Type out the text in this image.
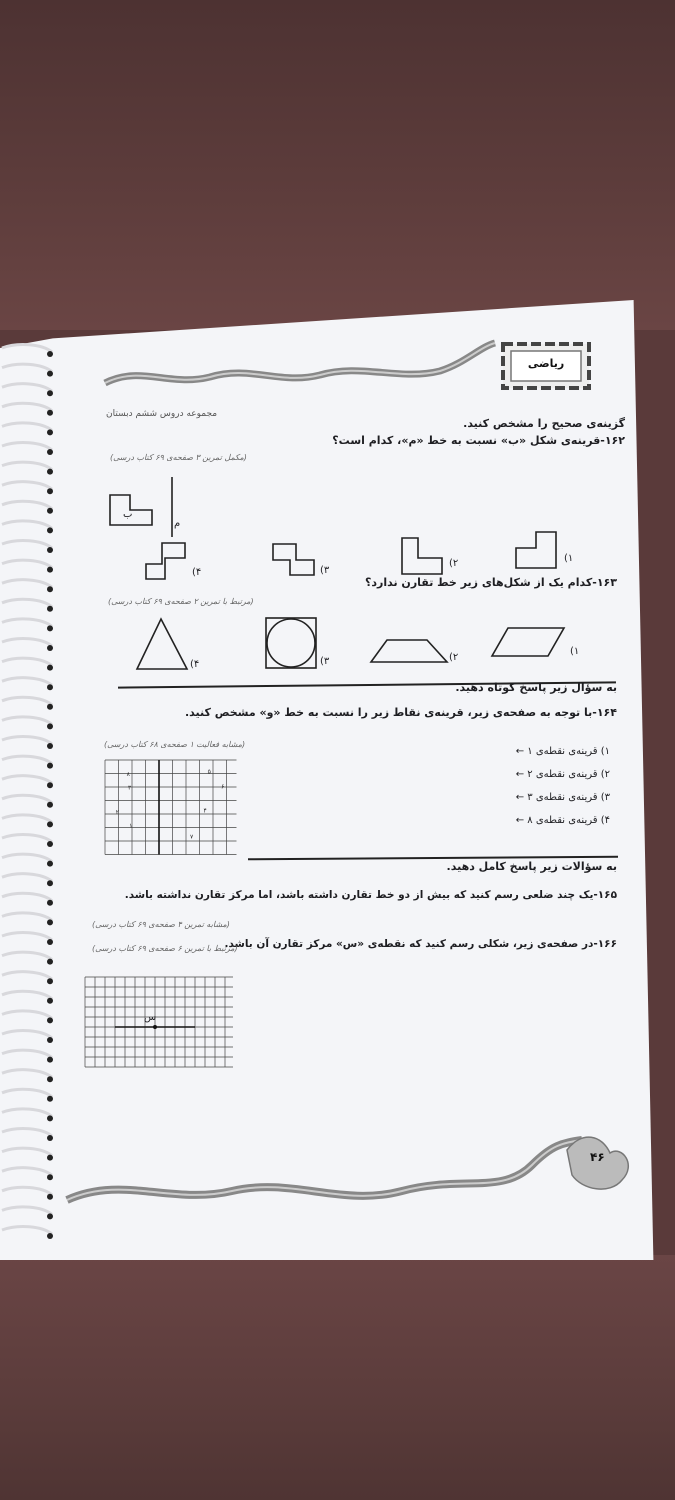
ریاضی
مجموعه دروس ششم دبستان
گزینه‌ی صحیح را مشخص کنید.
۱۶۲-قرینه‌ی شکل «ب» نسبت به خط «م»، کدام است؟
(مکمل تمرین ۳ صفحه‌ی ۶۹ کتاب درسی)
ب
م
۴)	۳)
۲)	۱)
۱۶۳-کدام یک از شکل‌های زیر خط تقارن ندارد؟
(مرتبط با تمرین ۲ صفحه‌ی ۶۹ کتاب درسی)
۴)	۳)	۲)
۱)
به سؤال زیر پاسخ کوتاه دهید.
۱۶۴-با توجه به صفحه‌ی زیر، قرینه‌ی نقاط زیر را نسبت به خط «و» مشخص کنید.
(مشابه فعالیت ۱ صفحه‌ی ۶۸ کتاب درسی)
۸
۳
۵
۶
۲	۴
۱
۷
۱) قرینه‌ی نقطه‌ی ۱ ←
۲) قرینه‌ی نقطه‌ی ۲ ←
۳) قرینه‌ی نقطه‌ی ۳ ←
۴) قرینه‌ی نقطه‌ی ۸ ←
به سؤالات زیر پاسخ کامل دهید.
۱۶۵-یک چند ضلعی رسم کنید که بیش از دو خط تقارن داشته باشد، اما مرکز تقارن نداشته باشد.
(مشابه تمرین ۴ صفحه‌ی ۶۹ کتاب درسی)
۱۶۶-در صفحه‌ی زیر، شکلی رسم کنید که نقطه‌ی «س» مرکز تقارن آن باشد.
(مرتبط با تمرین ۶ صفحه‌ی ۶۹ کتاب درسی)
س
۴۶
